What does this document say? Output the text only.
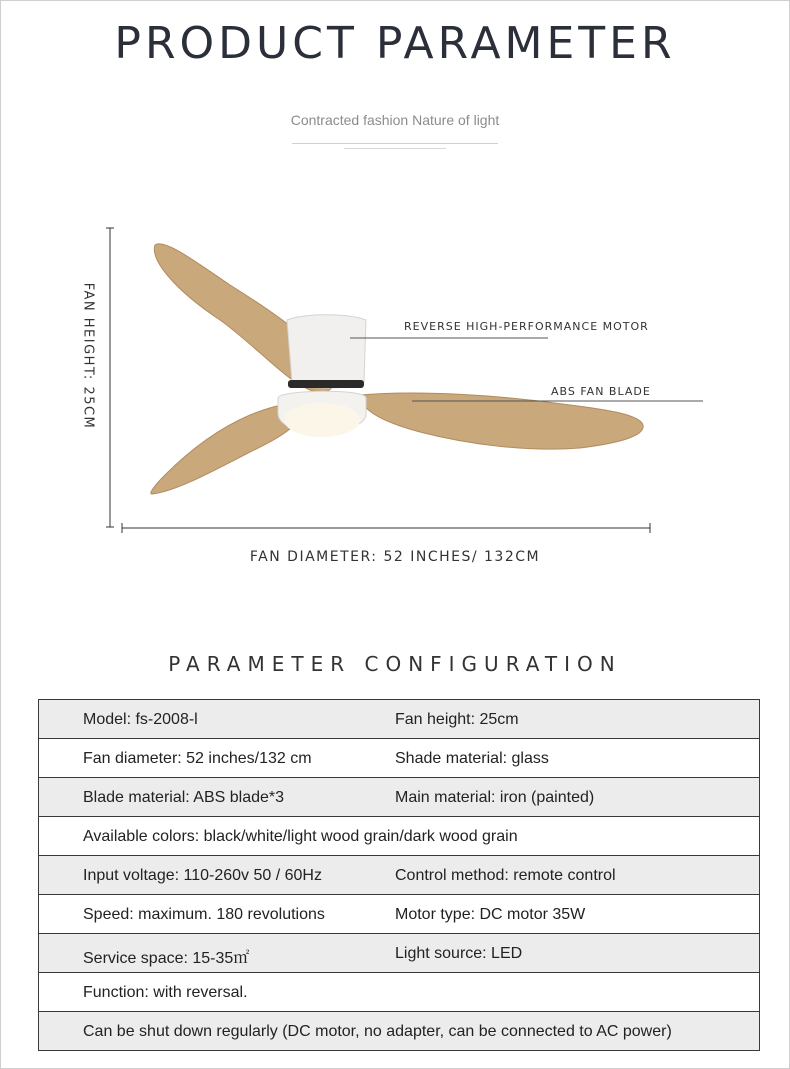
PRODUCT PARAMETER
Contracted fashion Nature of light
FAN HEIGHT: 25CM	REVERSE HIGH-PERFORMANCE MOTOR
ABS FAN BLADE
FAN DIAMETER: 52 INCHES/ 132CM
PARAMETER CONFIGURATION
Model: fs-2008-l	Fan height: 25cm

Fan diameter: 52 inches/132 cm	Shade material: glass

Blade material: ABS blade*3	Main material: iron (painted)

Available colors: black/white/light wood grain/dark wood grain

Input voltage: 110-260v 50 / 60Hz	Control method: remote control

Speed: maximum. 180 revolutions	Motor type: DC motor 35W

Service space: 15-35㎡	Light source: LED

Function: with reversal.

Can be shut down regularly (DC motor, no adapter, can be connected to AC power)
